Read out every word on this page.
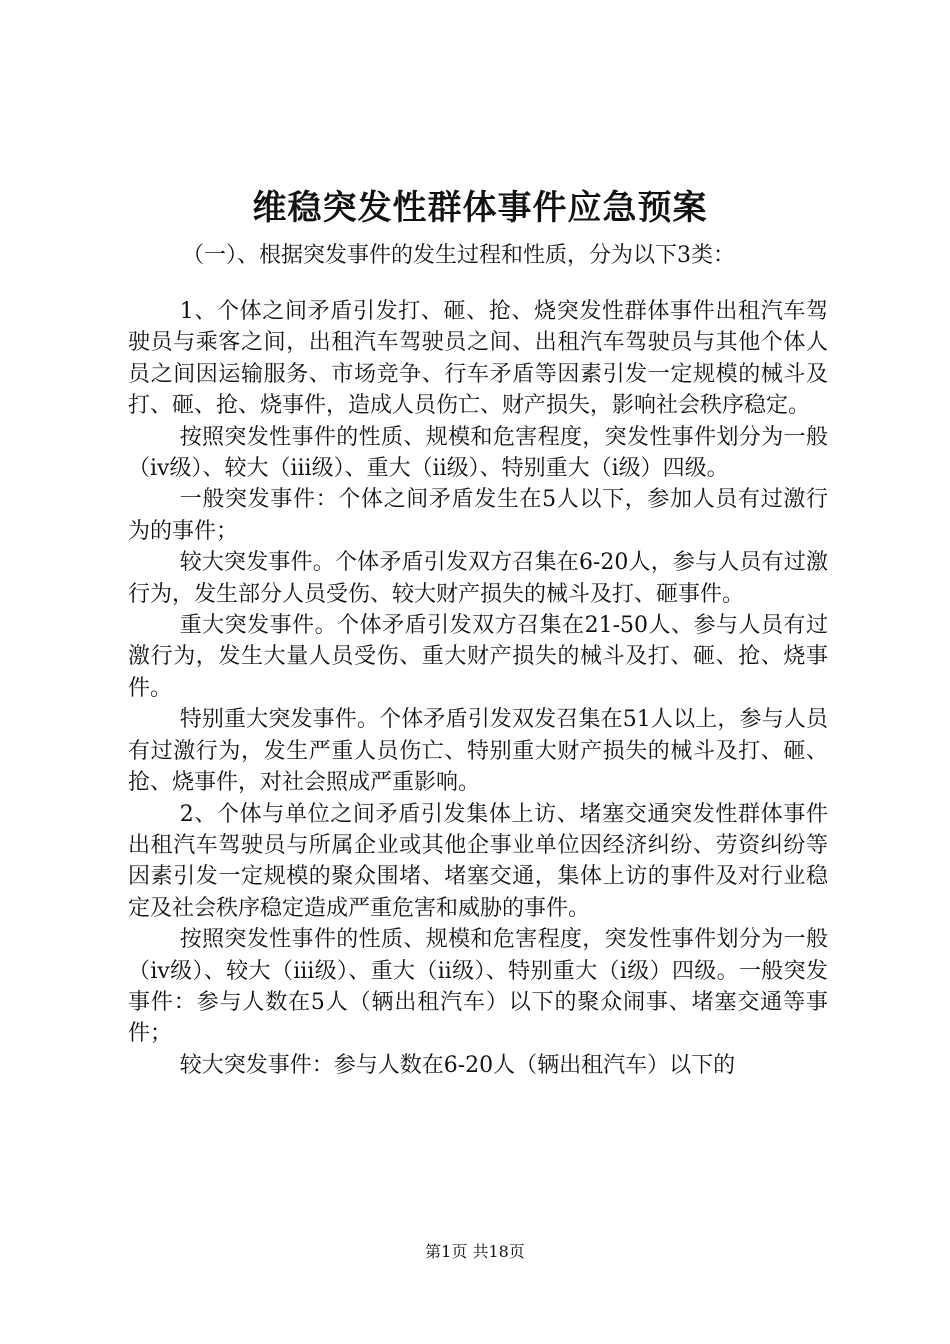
维稳突发性群体事件应急预案

（一）、根据突发事件的发生过程和性质，分为以下3类：

1、个体之间矛盾引发打、砸、抢、烧突发性群体事件出租汽车驾驶员与乘客之间，出租汽车驾驶员之间、出租汽车驾驶员与其他个体人员之间因运输服务、市场竞争、行车矛盾等因素引发一定规模的械斗及打、砸、抢、烧事件，造成人员伤亡、财产损失，影响社会秩序稳定。

按照突发性事件的性质、规模和危害程度，突发性事件划分为一般（iv级）、较大（iii级）、重大（ii级）、特别重大（i级）四级。

一般突发事件：个体之间矛盾发生在5人以下，参加人员有过激行为的事件；

较大突发事件。个体矛盾引发双方召集在6-20人，参与人员有过激行为，发生部分人员受伤、较大财产损失的械斗及打、砸事件。

重大突发事件。个体矛盾引发双方召集在21-50人、参与人员有过激行为，发生大量人员受伤、重大财产损失的械斗及打、砸、抢、烧事件。

特别重大突发事件。个体矛盾引发双发召集在51人以上，参与人员有过激行为，发生严重人员伤亡、特别重大财产损失的械斗及打、砸、抢、烧事件，对社会照成严重影响。

2、个体与单位之间矛盾引发集体上访、堵塞交通突发性群体事件出租汽车驾驶员与所属企业或其他企事业单位因经济纠纷、劳资纠纷等因素引发一定规模的聚众围堵、堵塞交通，集体上访的事件及对行业稳定及社会秩序稳定造成严重危害和威胁的事件。

按照突发性事件的性质、规模和危害程度，突发性事件划分为一般（iv级）、较大（iii级）、重大（ii级）、特别重大（i级）四级。一般突发事件：参与人数在5人（辆出租汽车）以下的聚众闹事、堵塞交通等事件；

较大突发事件：参与人数在6-20人（辆出租汽车）以下的

第1页 共18页
